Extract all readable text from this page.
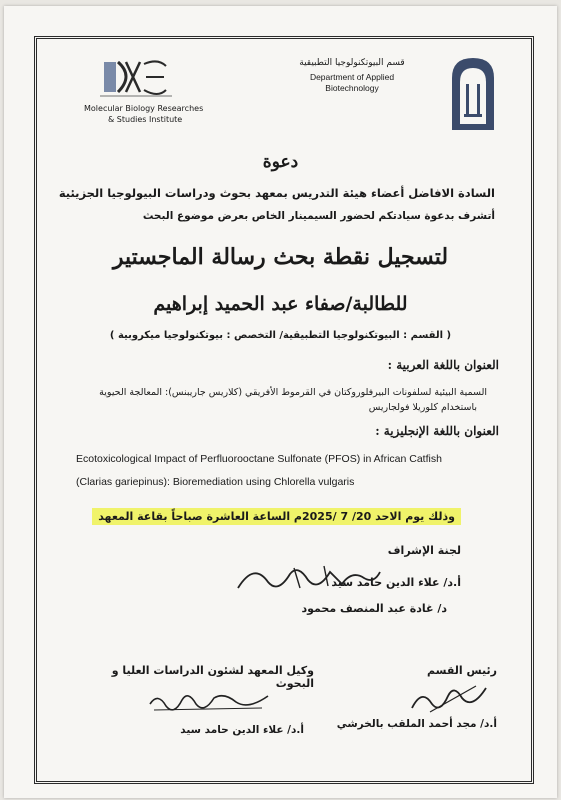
Molecular Biology Researches
& Studies Institute
قسم البيوتكنولوجيا التطبيقية
Department of Applied
Biotechnology
دعوة
السادة الافاضل أعضاء هيئة التدريس بمعهد بحوث ودراسات البيولوجيا الجزيئية
أتشرف بدعوة سيادتكم لحضور السيمينار الخاص بعرض موضوع البحث
لتسجيل نقطة بحث رسالة الماجستير
للطالبة/صفاء عبد الحميد إبراهيم
( القسم : البيوتكنولوجيا التطبيقية/ التخصص : بيوتكنولوجيا ميكروبية )
العنوان باللغة العربية :
السمية البيئية لسلفونات البيرفلوروكتان في القرموط الأفريقي (كلاريس جاريبنس): المعالجة الحيوية
باستخدام كلوريلا فولجاريس
العنوان باللغة الإنجليزية :
Ecotoxicological Impact of Perfluorooctane Sulfonate (PFOS) in African Catfish
(Clarias gariepinus): Bioremediation using Chlorella vulgaris
وذلك يوم الاحد 20/ 7 /2025م الساعة العاشرة صباحاً بقاعة المعهد
لجنة الإشراف
أ.د/ علاء الدين حامد سيد
د/ غادة عبد المنصف محمود
وكيل المعهد لشئون الدراسات العليا و البحوث
أ.د/ علاء الدين حامد سيد
رئيس القسم
أ.د/ مجد أحمد الملقب بالخرشي
